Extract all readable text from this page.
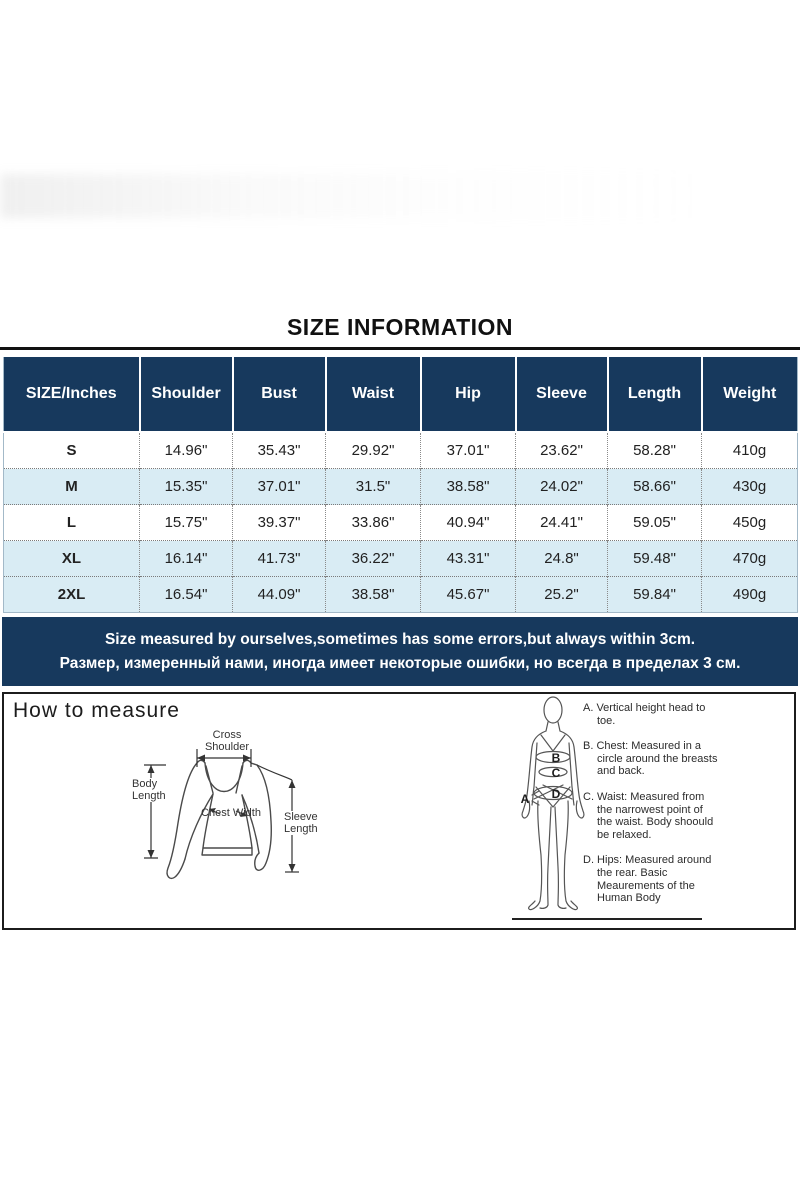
SIZE INFORMATION
SIZE/Inches	Shoulder	Bust	Waist	Hip	Sleeve	Length	Weight
S	14.96"	35.43"	29.92"	37.01"	23.62"	58.28"	410g
M	15.35"	37.01"	31.5"	38.58"	24.02"	58.66"	430g
L	15.75"	39.37"	33.86"	40.94"	24.41"	59.05"	450g
XL	16.14"	41.73"	36.22"	43.31"	24.8"	59.48"	470g
2XL	16.54"	44.09"	38.58"	45.67"	25.2"	59.84"	490g
Size measured by ourselves,sometimes has some errors,but always within 3cm.
Размер, измеренный нами, иногда имеет некоторые ошибки, но всегда в пределах 3 см.
How to measure
Cross Shoulder
Body Length
Chest Width Sleeve Length
A
B
C
D

A. Vertical height head to toe.

B. Chest: Measured in a circle around the breasts and back.

C. Waist: Measured from the narrowest point of the waist. Body shoould be relaxed.

D. Hips: Measured around the rear. Basic Meaurements of the Human Body
